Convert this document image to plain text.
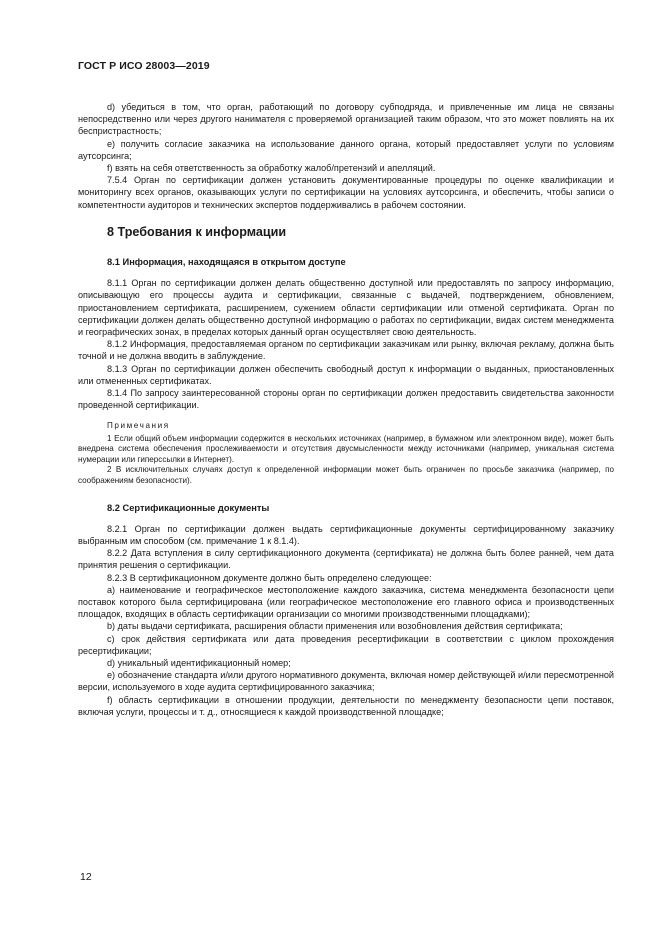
ГОСТ Р ИСО 28003—2019

d) убедиться в том, что орган, работающий по договору субподряда, и привлеченные им лица не связаны непосредственно или через другого нанимателя с проверяемой организацией таким образом, что это может повлиять на их беспристрастность;

e) получить согласие заказчика на использование данного органа, который предоставляет услуги по условиям аутсорсинга;

f) взять на себя ответственность за обработку жалоб/претензий и апелляций.

7.5.4 Орган по сертификации должен установить документированные процедуры по оценке квалификации и мониторингу всех органов, оказывающих услуги по сертификации на условиях аутсорсинга, и обеспечить, чтобы записи о компетентности аудиторов и технических экспертов поддерживались в рабочем состоянии.

8 Требования к информации
8.1 Информация, находящаяся в открытом доступе

8.1.1 Орган по сертификации должен делать общественно доступной или предоставлять по запросу информацию, описывающую его процессы аудита и сертификации, связанные с выдачей, подтверждением, обновлением, приостановлением сертификата, расширением, сужением области сертификации или отменой сертификата. Орган по сертификации должен делать общественно доступной информацию о работах по сертификации, видах систем менеджмента и географических зонах, в пределах которых данный орган осуществляет свою деятельность.

8.1.2 Информация, предоставляемая органом по сертификации заказчикам или рынку, включая рекламу, должна быть точной и не должна вводить в заблуждение.

8.1.3 Орган по сертификации должен обеспечить свободный доступ к информации о выданных, приостановленных или отмененных сертификатах.

8.1.4 По запросу заинтересованной стороны орган по сертификации должен предоставить свидетельства законности проведенной сертификации.

Примечания

1 Если общий объем информации содержится в нескольких источниках (например, в бумажном или электронном виде), может быть внедрена система обеспечения прослеживаемости и отсутствия двусмысленности между источниками (например, уникальная система нумерации или гиперссылки в Интернет).

2 В исключительных случаях доступ к определенной информации может быть ограничен по просьбе заказчика (например, по соображениям безопасности).

8.2 Сертификационные документы

8.2.1 Орган по сертификации должен выдать сертификационные документы сертифицированному заказчику выбранным им способом (см. примечание 1 к 8.1.4).

8.2.2 Дата вступления в силу сертификационного документа (сертификата) не должна быть более ранней, чем дата принятия решения о сертификации.

8.2.3 В сертификационном документе должно быть определено следующее:

a) наименование и географическое местоположение каждого заказчика, система менеджмента безопасности цепи поставок которого была сертифицирована (или географическое местоположение его главного офиса и производственных площадок, входящих в область сертификации организации со многими производственными площадками);

b) даты выдачи сертификата, расширения области применения или возобновления действия сертификата;

c) срок действия сертификата или дата проведения ресертификации в соответствии с циклом прохождения ресертификации;

d) уникальный идентификационный номер;

e) обозначение стандарта и/или другого нормативного документа, включая номер действующей и/или пересмотренной версии, используемого в ходе аудита сертифицированного заказчика;

f) область сертификации в отношении продукции, деятельности по менеджменту безопасности цепи поставок, включая услуги, процессы и т. д., относящиеся к каждой производственной площадке;

12
